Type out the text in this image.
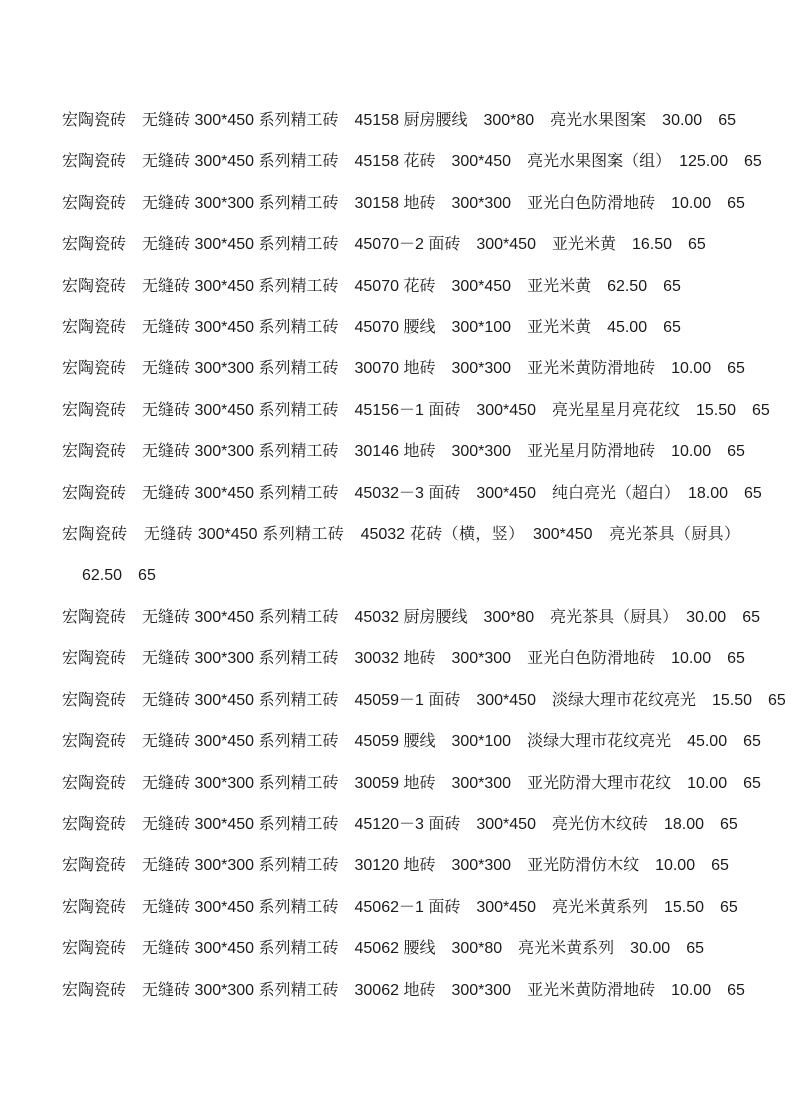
宏陶瓷砖　无缝砖 300*450 系列精工砖　45158 厨房腰线　300*80　亮光水果图案　30.00　65
宏陶瓷砖　无缝砖 300*450 系列精工砖　45158 花砖　300*450　亮光水果图案（组）　125.00　65
宏陶瓷砖　无缝砖 300*300 系列精工砖　30158 地砖　300*300　亚光白色防滑地砖　10.00　65
宏陶瓷砖　无缝砖 300*450 系列精工砖　45070－2 面砖　300*450　亚光米黄　16.50　65
宏陶瓷砖　无缝砖 300*450 系列精工砖　45070 花砖　300*450　亚光米黄　62.50　65
宏陶瓷砖　无缝砖 300*450 系列精工砖　45070 腰线　300*100　亚光米黄　45.00　65
宏陶瓷砖　无缝砖 300*300 系列精工砖　30070 地砖　300*300　亚光米黄防滑地砖　10.00　65
宏陶瓷砖　无缝砖 300*450 系列精工砖　45156－1 面砖　300*450　亮光星星月亮花纹　15.50　65
宏陶瓷砖　无缝砖 300*300 系列精工砖　30146 地砖　300*300　亚光星月防滑地砖　10.00　65
宏陶瓷砖　无缝砖 300*450 系列精工砖　45032－3 面砖　300*450　纯白亮光（超白）　18.00　65
宏陶瓷砖　无缝砖 300*450 系列精工砖　45032 花砖（横，竖）　300*450　亮光茶具（厨具）
62.50　65
宏陶瓷砖　无缝砖 300*450 系列精工砖　45032 厨房腰线　300*80　亮光茶具（厨具）　30.00　65
宏陶瓷砖　无缝砖 300*300 系列精工砖　30032 地砖　300*300　亚光白色防滑地砖　10.00　65
宏陶瓷砖　无缝砖 300*450 系列精工砖　45059－1 面砖　300*450　淡绿大理市花纹亮光　15.50　65
宏陶瓷砖　无缝砖 300*450 系列精工砖　45059 腰线　300*100　淡绿大理市花纹亮光　45.00　65
宏陶瓷砖　无缝砖 300*300 系列精工砖　30059 地砖　300*300　亚光防滑大理市花纹　10.00　65
宏陶瓷砖　无缝砖 300*450 系列精工砖　45120－3 面砖　300*450　亮光仿木纹砖　18.00　65
宏陶瓷砖　无缝砖 300*300 系列精工砖　30120 地砖　300*300　亚光防滑仿木纹　10.00　65
宏陶瓷砖　无缝砖 300*450 系列精工砖　45062－1 面砖　300*450　亮光米黄系列　15.50　65
宏陶瓷砖　无缝砖 300*450 系列精工砖　45062 腰线　300*80　亮光米黄系列　30.00　65
宏陶瓷砖　无缝砖 300*300 系列精工砖　30062 地砖　300*300　亚光米黄防滑地砖　10.00　65
